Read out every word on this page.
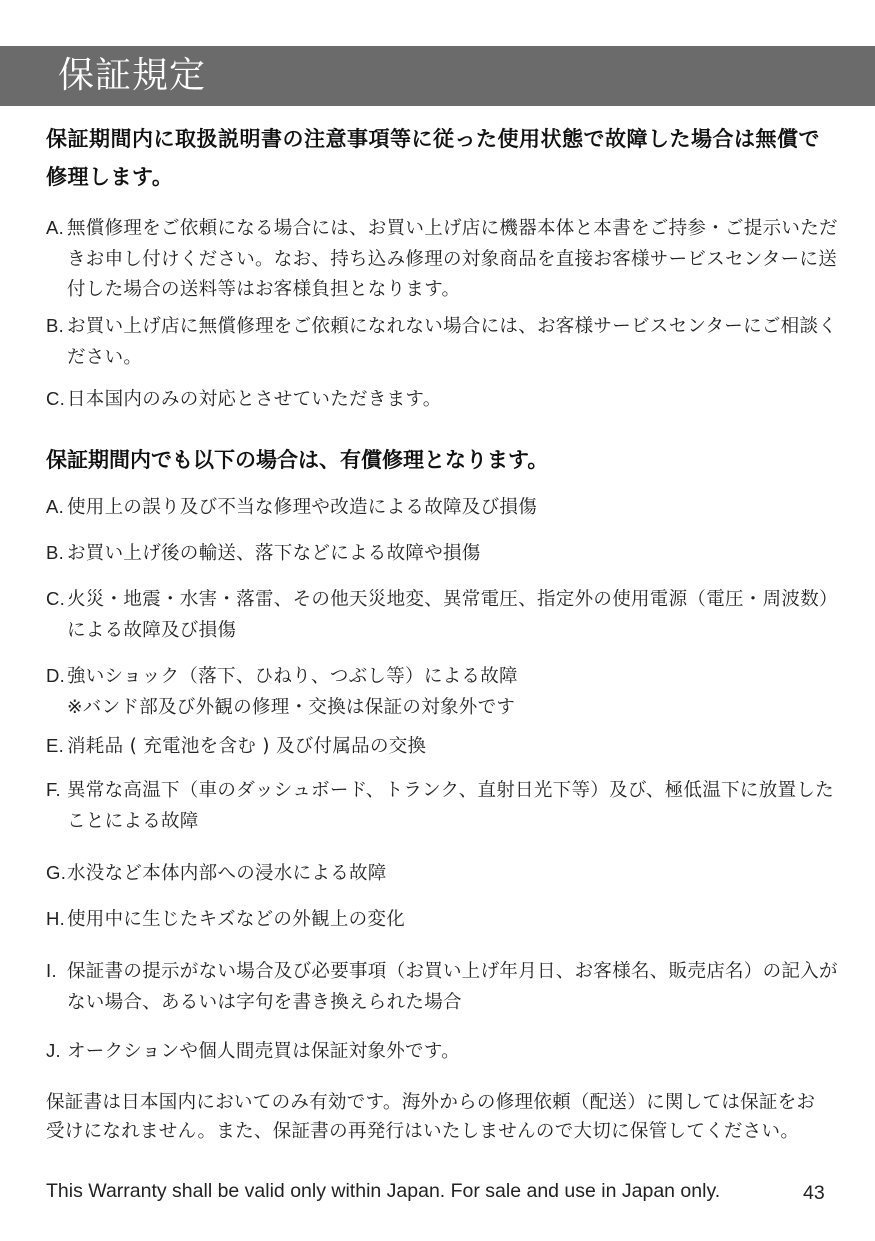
保証規定
保証期間内に取扱説明書の注意事項等に従った使用状態で故障した場合は無償で修理します。
A. 無償修理をご依頼になる場合には、お買い上げ店に機器本体と本書をご持参・ご提示いただきお申し付けください。なお、持ち込み修理の対象商品を直接お客様サービスセンターに送付した場合の送料等はお客様負担となります。
B. お買い上げ店に無償修理をご依頼になれない場合には、お客様サービスセンターにご相談ください。
C. 日本国内のみの対応とさせていただきます。
保証期間内でも以下の場合は、有償修理となります。
A. 使用上の誤り及び不当な修理や改造による故障及び損傷
B. お買い上げ後の輸送、落下などによる故障や損傷
C. 火災・地震・水害・落雷、その他天災地変、異常電圧、指定外の使用電源（電圧・周波数）による故障及び損傷
D. 強いショック（落下、ひねり、つぶし等）による故障
※バンド部及び外観の修理・交換は保証の対象外です
E. 消耗品 ( 充電池を含む ) 及び付属品の交換
F. 異常な高温下（車のダッシュボード、トランク、直射日光下等）及び、極低温下に放置したことによる故障
G.水没など本体内部への浸水による故障
H. 使用中に生じたキズなどの外観上の変化
I. 保証書の提示がない場合及び必要事項（お買い上げ年月日、お客様名、販売店名）の記入がない場合、あるいは字句を書き換えられた場合
J. オークションや個人間売買は保証対象外です。
保証書は日本国内においてのみ有効です。海外からの修理依頼（配送）に関しては保証をお受けになれません。また、保証書の再発行はいたしませんので大切に保管してください。
This Warranty shall be valid only within Japan. For sale and use in Japan only.	43
